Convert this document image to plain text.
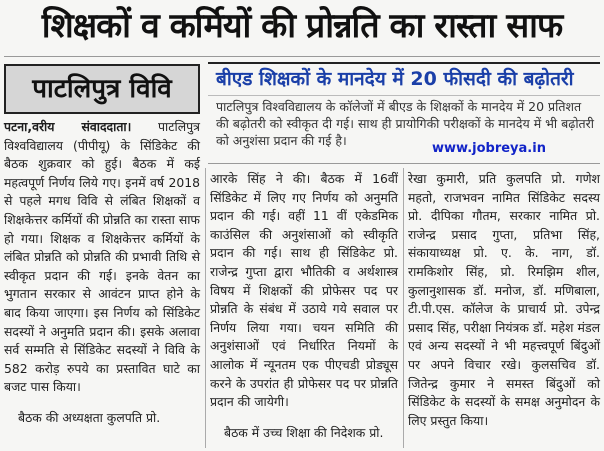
शिक्षकों व कर्मियों की प्रोन्नति का रास्ता साफ
पाटलिपुत्र विवि	बीएड शिक्षकों के मानदेय में 20 फीसदी की बढ़ोतरी
पाटलिपुत्र विश्वविद्यालय के कॉलेजों में बीएड के शिक्षकों के मानदेय में 20 प्रतिशत की बढ़ोतरी को स्वीकृत दी गई। साथ ही प्रायोगिकी परीक्षकों के मानदेय में भी बढ़ोतरी को अनुशंसा प्रदान की गई है।
www.jobreya.in

पटना,वरीय संवाददाता। पाटलिपुत्र विश्वविद्यालय (पीपीयू) के सिंडिकेट की बैठक शुक्रवार को हुई। बैठक में कई महत्वपूर्ण निर्णय लिये गए। इनमें वर्ष 2018 से पहले मगध विवि से लंबित शिक्षकों व शिक्षकेत्तर कर्मियों की प्रोन्नति का रास्ता साफ हो गया। शिक्षक व शिक्षकेत्तर कर्मियों के लंबित प्रोन्नति को प्रोन्नति की प्रभावी तिथि से स्वीकृत प्रदान की गई। इनके वेतन का भुगतान सरकार से आवंटन प्राप्त होने के बाद किया जाएगा। इस निर्णय को सिंडिकेट सदस्यों ने अनुमति प्रदान की। इसके अलावा सर्व सम्मति से सिंडिकेट सदस्यों ने विवि के 582 करोड़ रुपये का प्रस्तावित घाटे का बजट पास किया।

बैठक की अध्यक्षता कुलपति प्रो.

आरके सिंह ने की। बैठक में 16वीं सिंडिकेट में लिए गए निर्णय को अनुमति प्रदान की गई। वहीं 11 वीं एकेडमिक काउंसिल की अनुशंसाओं को स्वीकृति प्रदान की गई। साथ ही सिंडिकेट प्रो. राजेन्द्र गुप्ता द्वारा भौतिकी व अर्थशास्त्र विषय में शिक्षकों की प्रोफेसर पद पर प्रोन्नति के संबंध में उठाये गये सवाल पर निर्णय लिया गया। चयन समिति की अनुशंसाओं एवं निर्धारित नियमों के आलोक में न्यूनतम एक पीएचडी प्रोड्यूस करने के उपरांत ही प्रोफेसर पद पर प्रोन्नति प्रदान की जायेगी।

बैठक में उच्च शिक्षा की निदेशक प्रो.

रेखा कुमारी, प्रति कुलपति प्रो. गणेश महतो, राजभवन नामित सिंडिकेट सदस्य प्रो. दीपिका गौतम, सरकार नामित प्रो. राजेन्द्र प्रसाद गुप्ता, प्रतिभा सिंह, संकायाध्यक्ष प्रो. ए. के. नाग, डॉ. रामकिशोर सिंह, प्रो. रिमझिम शील, कुलानुशासक डॉ. मनोज, डॉ. मणिबाला, टी.पी.एस. कॉलेज के प्राचार्य प्रो. उपेन्द्र प्रसाद सिंह, परीक्षा नियंत्रक डॉ. महेश मंडल एवं अन्य सदस्यों ने भी महत्त्वपूर्ण बिंदुओं पर अपने विचार रखे। कुलसचिव डॉ. जितेन्द्र कुमार ने समस्त बिंदुओं को सिंडिकेट के सदस्यों के समक्ष अनुमोदन के लिए प्रस्तुत किया।
